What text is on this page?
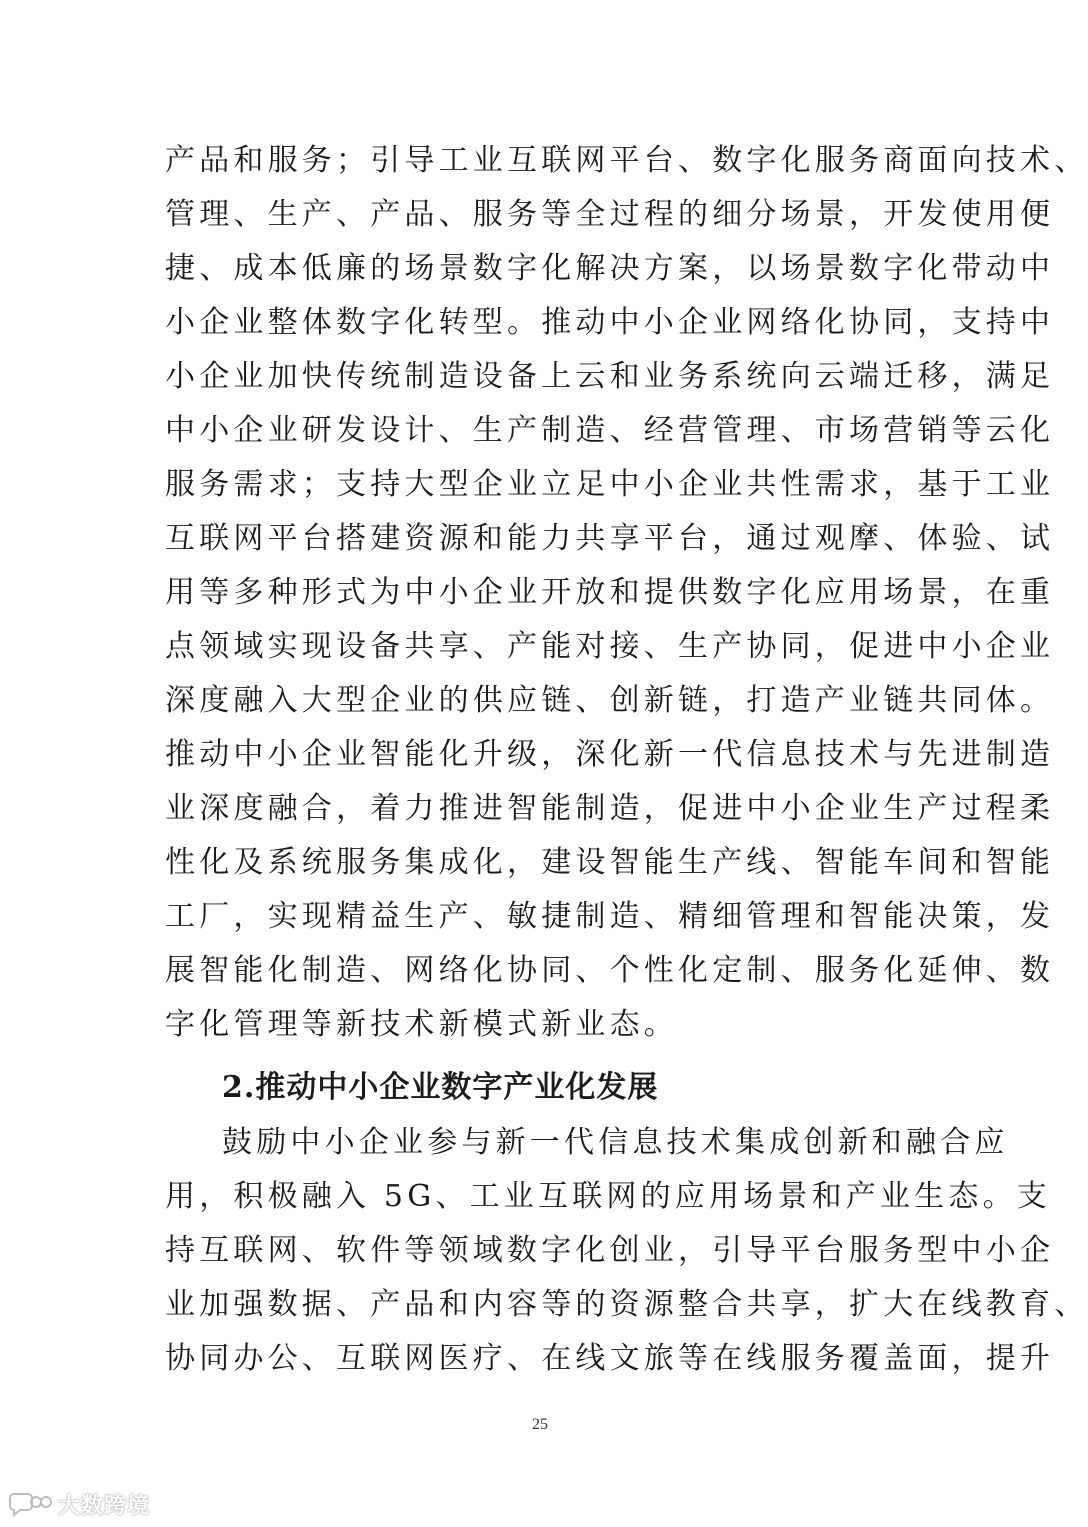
产品和服务；引导工业互联网平台、数字化服务商面向技术、
管理、生产、产品、服务等全过程的细分场景，开发使用便
捷、成本低廉的场景数字化解决方案，以场景数字化带动中
小企业整体数字化转型。推动中小企业网络化协同，支持中
小企业加快传统制造设备上云和业务系统向云端迁移，满足
中小企业研发设计、生产制造、经营管理、市场营销等云化
服务需求；支持大型企业立足中小企业共性需求，基于工业
互联网平台搭建资源和能力共享平台，通过观摩、体验、试
用等多种形式为中小企业开放和提供数字化应用场景，在重
点领域实现设备共享、产能对接、生产协同，促进中小企业
深度融入大型企业的供应链、创新链，打造产业链共同体。
推动中小企业智能化升级，深化新一代信息技术与先进制造
业深度融合，着力推进智能制造，促进中小企业生产过程柔
性化及系统服务集成化，建设智能生产线、智能车间和智能
工厂，实现精益生产、敏捷制造、精细管理和智能决策，发
展智能化制造、网络化协同、个性化定制、服务化延伸、数
字化管理等新技术新模式新业态。
2.推动中小企业数字产业化发展
鼓励中小企业参与新一代信息技术集成创新和融合应
用，积极融入 5G、工业互联网的应用场景和产业生态。支
持互联网、软件等领域数字化创业，引导平台服务型中小企
业加强数据、产品和内容等的资源整合共享，扩大在线教育、
协同办公、互联网医疗、在线文旅等在线服务覆盖面，提升
25
大数跨境
